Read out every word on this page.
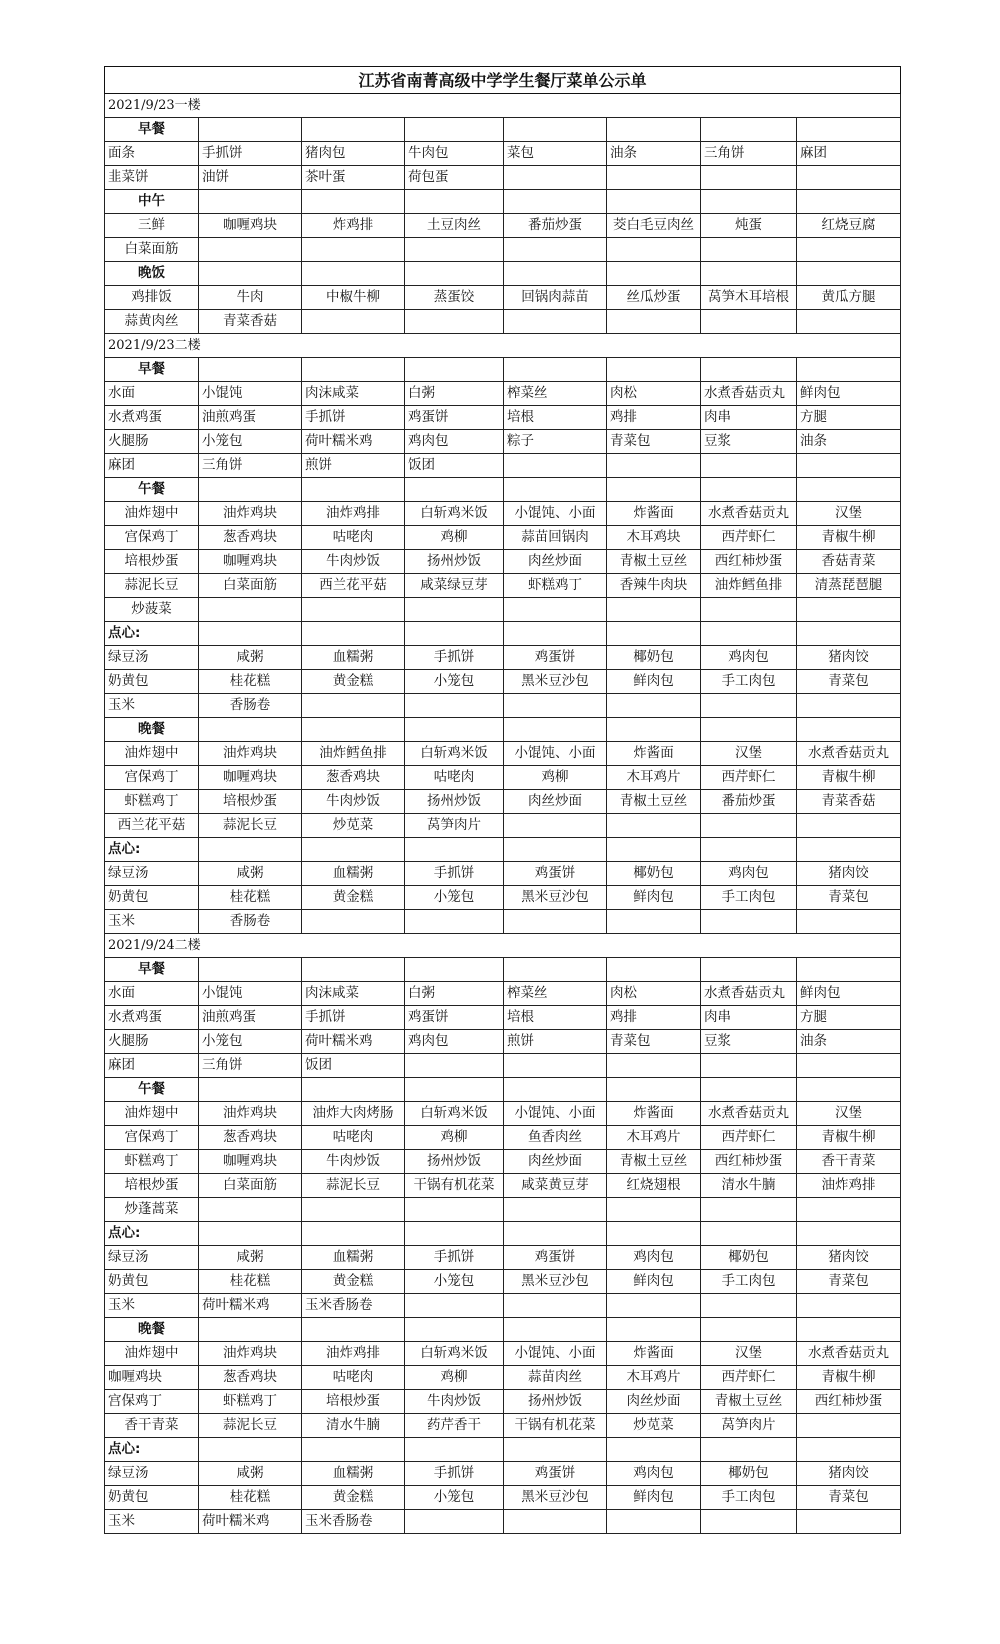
江苏省南菁高级中学学生餐厅菜单公示单							
2021/9/23一楼							
早餐							
面条	手抓饼	猪肉包	牛肉包	菜包	油条	三角饼	麻团
韭菜饼	油饼	茶叶蛋	荷包蛋				
中午							
三鲜	咖喱鸡块	炸鸡排	土豆肉丝	番茄炒蛋	茭白毛豆肉丝	炖蛋	红烧豆腐
白菜面筋							
晚饭							
鸡排饭	牛肉	中椒牛柳	蒸蛋饺	回锅肉蒜苗	丝瓜炒蛋	莴笋木耳培根	黄瓜方腿
蒜黄肉丝	青菜香菇						
2021/9/23二楼							
早餐							
水面	小馄饨	肉沫咸菜	白粥	榨菜丝	肉松	水煮香菇贡丸	鲜肉包
水煮鸡蛋	油煎鸡蛋	手抓饼	鸡蛋饼	培根	鸡排	肉串	方腿
火腿肠	小笼包	荷叶糯米鸡	鸡肉包	粽子	青菜包	豆浆	油条
麻团	三角饼	煎饼	饭团				
午餐							
油炸翅中	油炸鸡块	油炸鸡排	白斩鸡米饭	小馄饨、小面	炸酱面	水煮香菇贡丸	汉堡
宫保鸡丁	葱香鸡块	咕咾肉	鸡柳	蒜苗回锅肉	木耳鸡块	西芹虾仁	青椒牛柳
培根炒蛋	咖喱鸡块	牛肉炒饭	扬州炒饭	肉丝炒面	青椒土豆丝	西红柿炒蛋	香菇青菜
蒜泥长豆	白菜面筋	西兰花平菇	咸菜绿豆芽	虾糕鸡丁	香辣牛肉块	油炸鳕鱼排	清蒸琵琶腿
炒菠菜							
点心:							
绿豆汤	咸粥	血糯粥	手抓饼	鸡蛋饼	椰奶包	鸡肉包	猪肉饺
奶黄包	桂花糕	黄金糕	小笼包	黑米豆沙包	鲜肉包	手工肉包	青菜包
玉米	香肠卷						
晚餐							
油炸翅中	油炸鸡块	油炸鳕鱼排	白斩鸡米饭	小馄饨、小面	炸酱面	汉堡	水煮香菇贡丸
宫保鸡丁	咖喱鸡块	葱香鸡块	咕咾肉	鸡柳	木耳鸡片	西芹虾仁	青椒牛柳
虾糕鸡丁	培根炒蛋	牛肉炒饭	扬州炒饭	肉丝炒面	青椒土豆丝	番茄炒蛋	青菜香菇
西兰花平菇	蒜泥长豆	炒苋菜	莴笋肉片				
点心:							
绿豆汤	咸粥	血糯粥	手抓饼	鸡蛋饼	椰奶包	鸡肉包	猪肉饺
奶黄包	桂花糕	黄金糕	小笼包	黑米豆沙包	鲜肉包	手工肉包	青菜包
玉米	香肠卷						
2021/9/24二楼							
早餐							
水面	小馄饨	肉沫咸菜	白粥	榨菜丝	肉松	水煮香菇贡丸	鲜肉包
水煮鸡蛋	油煎鸡蛋	手抓饼	鸡蛋饼	培根	鸡排	肉串	方腿
火腿肠	小笼包	荷叶糯米鸡	鸡肉包	煎饼	青菜包	豆浆	油条
麻团	三角饼	饭团					
午餐							
油炸翅中	油炸鸡块	油炸大肉烤肠	白斩鸡米饭	小馄饨、小面	炸酱面	水煮香菇贡丸	汉堡
宫保鸡丁	葱香鸡块	咕咾肉	鸡柳	鱼香肉丝	木耳鸡片	西芹虾仁	青椒牛柳
虾糕鸡丁	咖喱鸡块	牛肉炒饭	扬州炒饭	肉丝炒面	青椒土豆丝	西红柿炒蛋	香干青菜
培根炒蛋	白菜面筋	蒜泥长豆	干锅有机花菜	咸菜黄豆芽	红烧翅根	清水牛腩	油炸鸡排
炒蓬蒿菜							
点心:							
绿豆汤	咸粥	血糯粥	手抓饼	鸡蛋饼	鸡肉包	椰奶包	猪肉饺
奶黄包	桂花糕	黄金糕	小笼包	黑米豆沙包	鲜肉包	手工肉包	青菜包
玉米	荷叶糯米鸡	玉米香肠卷					
晚餐							
油炸翅中	油炸鸡块	油炸鸡排	白斩鸡米饭	小馄饨、小面	炸酱面	汉堡	水煮香菇贡丸
咖喱鸡块	葱香鸡块	咕咾肉	鸡柳	蒜苗肉丝	木耳鸡片	西芹虾仁	青椒牛柳
宫保鸡丁	虾糕鸡丁	培根炒蛋	牛肉炒饭	扬州炒饭	肉丝炒面	青椒土豆丝	西红柿炒蛋
香干青菜	蒜泥长豆	清水牛腩	药芹香干	干锅有机花菜	炒苋菜	莴笋肉片	
点心:							
绿豆汤	咸粥	血糯粥	手抓饼	鸡蛋饼	鸡肉包	椰奶包	猪肉饺
奶黄包	桂花糕	黄金糕	小笼包	黑米豆沙包	鲜肉包	手工肉包	青菜包
玉米	荷叶糯米鸡	玉米香肠卷					
